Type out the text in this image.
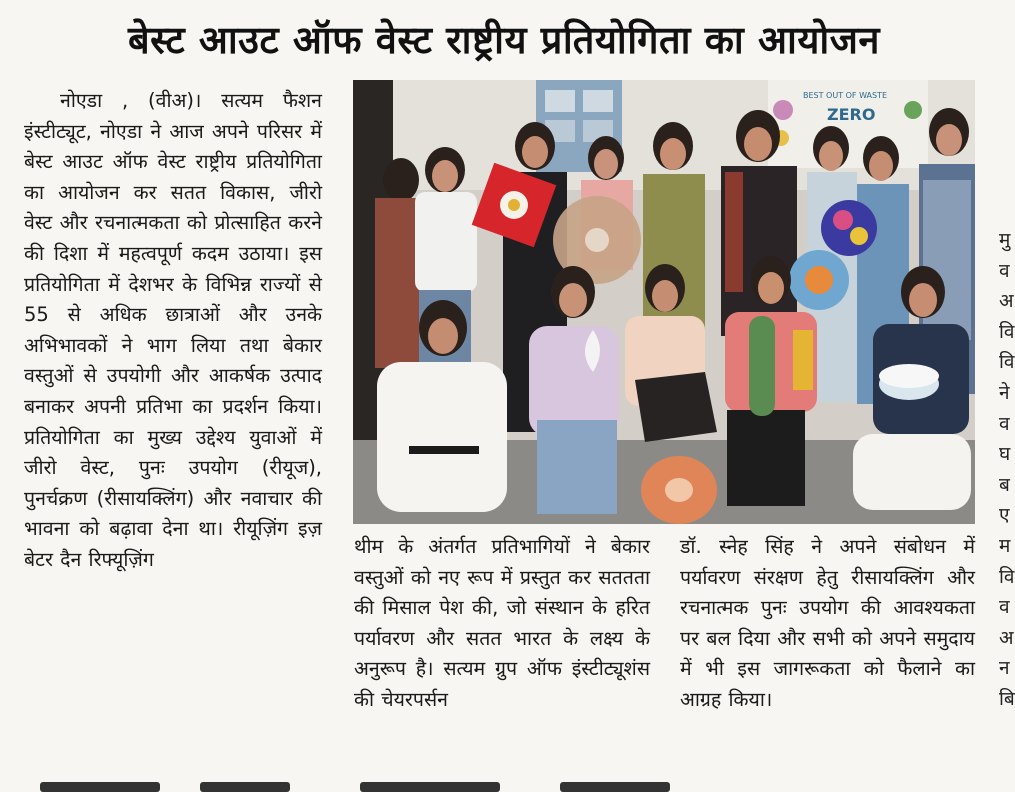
बेस्ट आउट ऑफ वेस्ट राष्ट्रीय प्रतियोगिता का आयोजन

नोएडा , (वीअ)। सत्यम फैशन इंस्टीट्यूट, नोएडा ने आज अपने परिसर में बेस्ट आउट ऑफ वेस्ट राष्ट्रीय प्रतियोगिता का आयोजन कर सतत विकास, जीरो वेस्ट और रचनात्मकता को प्रोत्साहित करने की दिशा में महत्वपूर्ण कदम उठाया। इस प्रतियोगिता में देशभर के विभिन्न राज्यों से 55 से अधिक छात्राओं और उनके अभिभावकों ने भाग लिया तथा बेकार वस्तुओं से उपयोगी और आकर्षक उत्पाद बनाकर अपनी प्रतिभा का प्रदर्शन किया। प्रतियोगिता का मुख्य उद्देश्य युवाओं में जीरो वेस्ट, पुनः उपयोग (रीयूज), पुनर्चक्रण (रीसायक्लिंग) और नवाचार की भावना को बढ़ावा देना था। रीयूज़िंग इज़ बेटर दैन रिफ्यूज़िंग

BEST OUT OF WASTE
ZERO

थीम के अंतर्गत प्रतिभागियों ने बेकार वस्तुओं को नए रूप में प्रस्तुत कर सततता की मिसाल पेश की, जो संस्थान के हरित पर्यावरण और सतत भारत के लक्ष्य के अनुरूप है। सत्यम ग्रुप ऑफ इंस्टीट्यूशंस की चेयरपर्सन

डॉ. स्नेह सिंह ने अपने संबोधन में पर्यावरण संरक्षण हेतु रीसायक्लिंग और रचनात्मक पुनः उपयोग की आवश्यकता पर बल दिया और सभी को अपने समुदाय में भी इस जागरूकता को फैलाने का आग्रह किया।

मु
व
अ
वि
वि
ने
व
घ
ब
ए
म
वि
व
अ
न
बि
